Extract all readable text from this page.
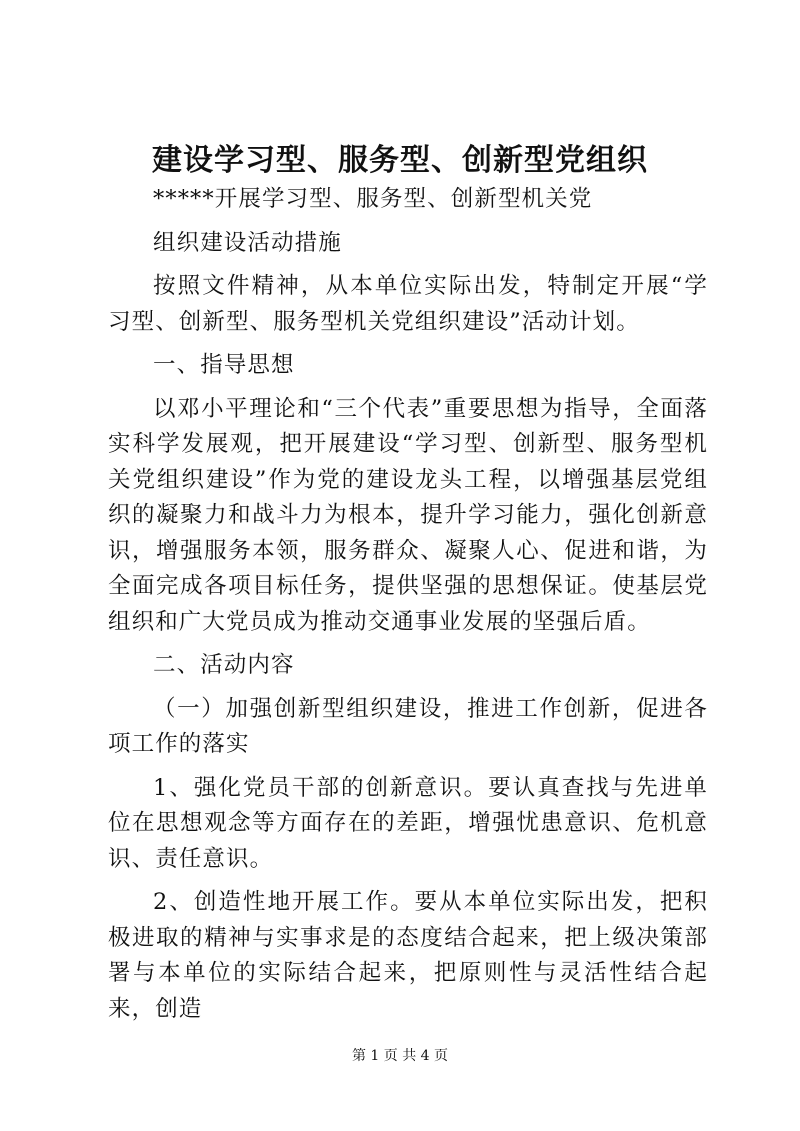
建设学习型、服务型、创新型党组织

*****开展学习型、服务型、创新型机关党

组织建设活动措施

按照文件精神，从本单位实际出发，特制定开展“学习型、创新型、服务型机关党组织建设”活动计划。

一、指导思想

以邓小平理论和“三个代表”重要思想为指导，全面落实科学发展观，把开展建设“学习型、创新型、服务型机关党组织建设”作为党的建设龙头工程，以增强基层党组织的凝聚力和战斗力为根本，提升学习能力，强化创新意识，增强服务本领，服务群众、凝聚人心、促进和谐，为全面完成各项目标任务，提供坚强的思想保证。使基层党组织和广大党员成为推动交通事业发展的坚强后盾。

二、活动内容

（一）加强创新型组织建设，推进工作创新，促进各项工作的落实

1、强化党员干部的创新意识。要认真查找与先进单位在思想观念等方面存在的差距，增强忧患意识、危机意识、责任意识。

2、创造性地开展工作。要从本单位实际出发，把积极进取的精神与实事求是的态度结合起来，把上级决策部署与本单位的实际结合起来，把原则性与灵活性结合起来，创造

第 1 页 共 4 页
